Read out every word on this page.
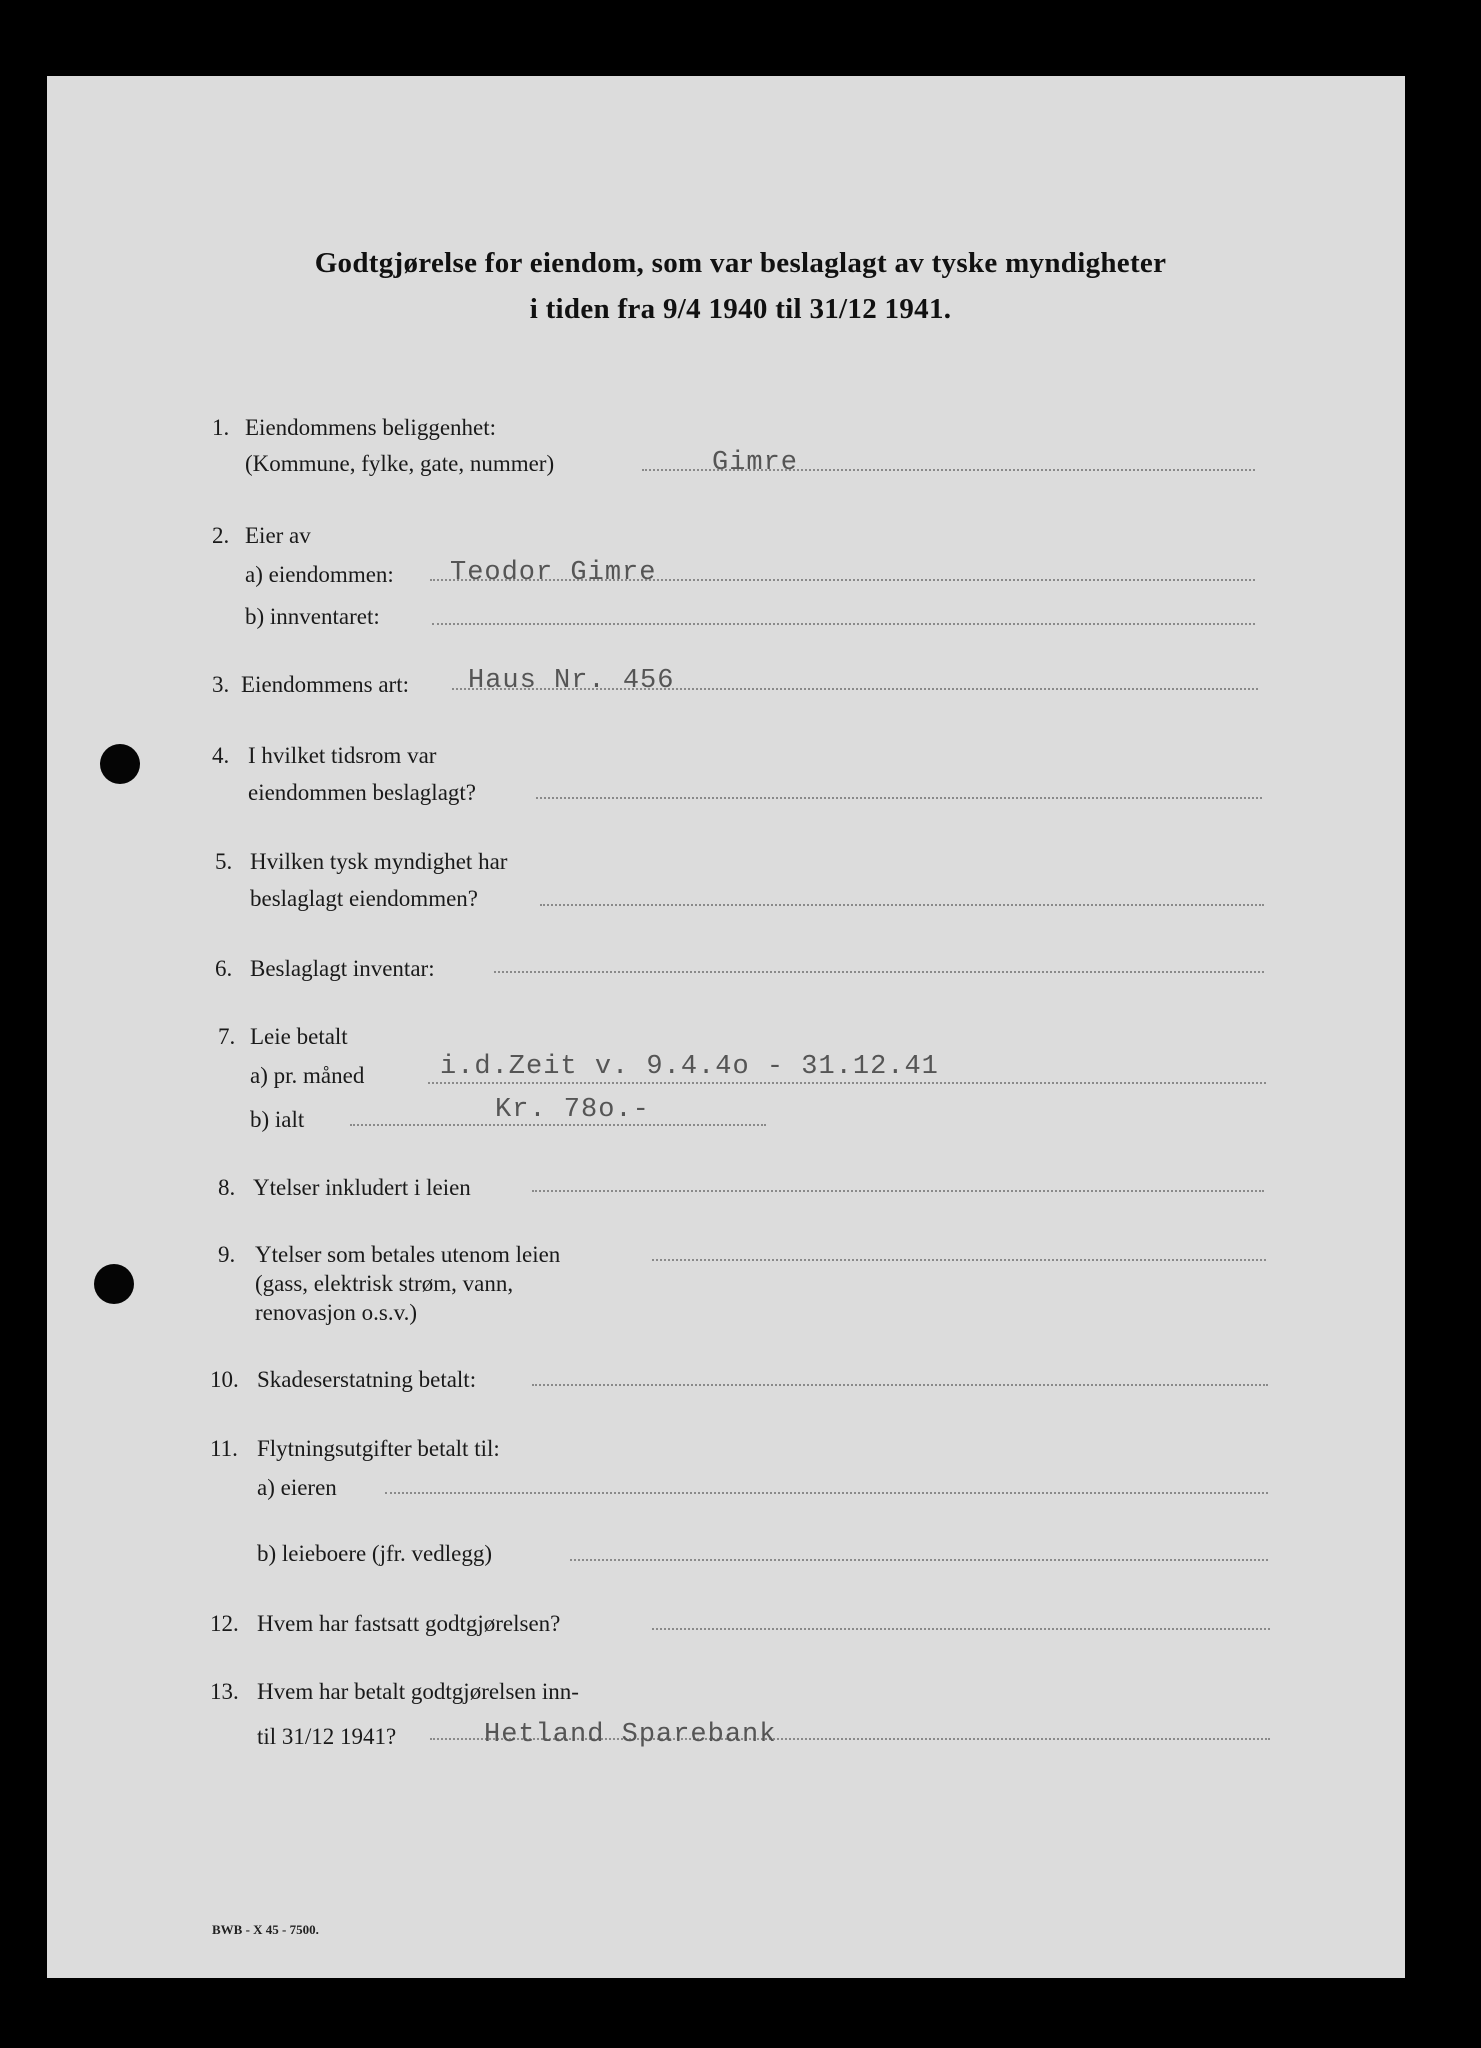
Godtgjørelse for eiendom, som var beslaglagt av tyske myndigheter
i tiden fra 9/4 1940 til 31/12 1941.
1. Eiendommens beliggenhet:
(Kommune, fylke, gate, nummer)	Gimre
2. Eier av
a) eiendommen: Teodor Gimre
b) innventaret:
3. Eiendommens art: Haus Nr. 456
4. I hvilket tidsrom var
eiendommen beslaglagt?
5. Hvilken tysk myndighet har
beslaglagt eiendommen?
6. Beslaglagt inventar:
7. Leie betalt
a) pr. måned	i.d.Zeit v. 9.4.4o - 31.12.41
b) ialt	Kr. 78o.-
8. Ytelser inkludert i leien
9. Ytelser som betales utenom leien
(gass, elektrisk strøm, vann,
renovasjon o.s.v.)
10. Skadeserstatning betalt:
11. Flytningsutgifter betalt til:
a) eieren
b) leieboere (jfr. vedlegg)
12. Hvem har fastsatt godtgjørelsen?
13. Hvem har betalt godtgjørelsen inn-
til 31/12 1941?	Hetland Sparebank
BWB - X 45 - 7500.
